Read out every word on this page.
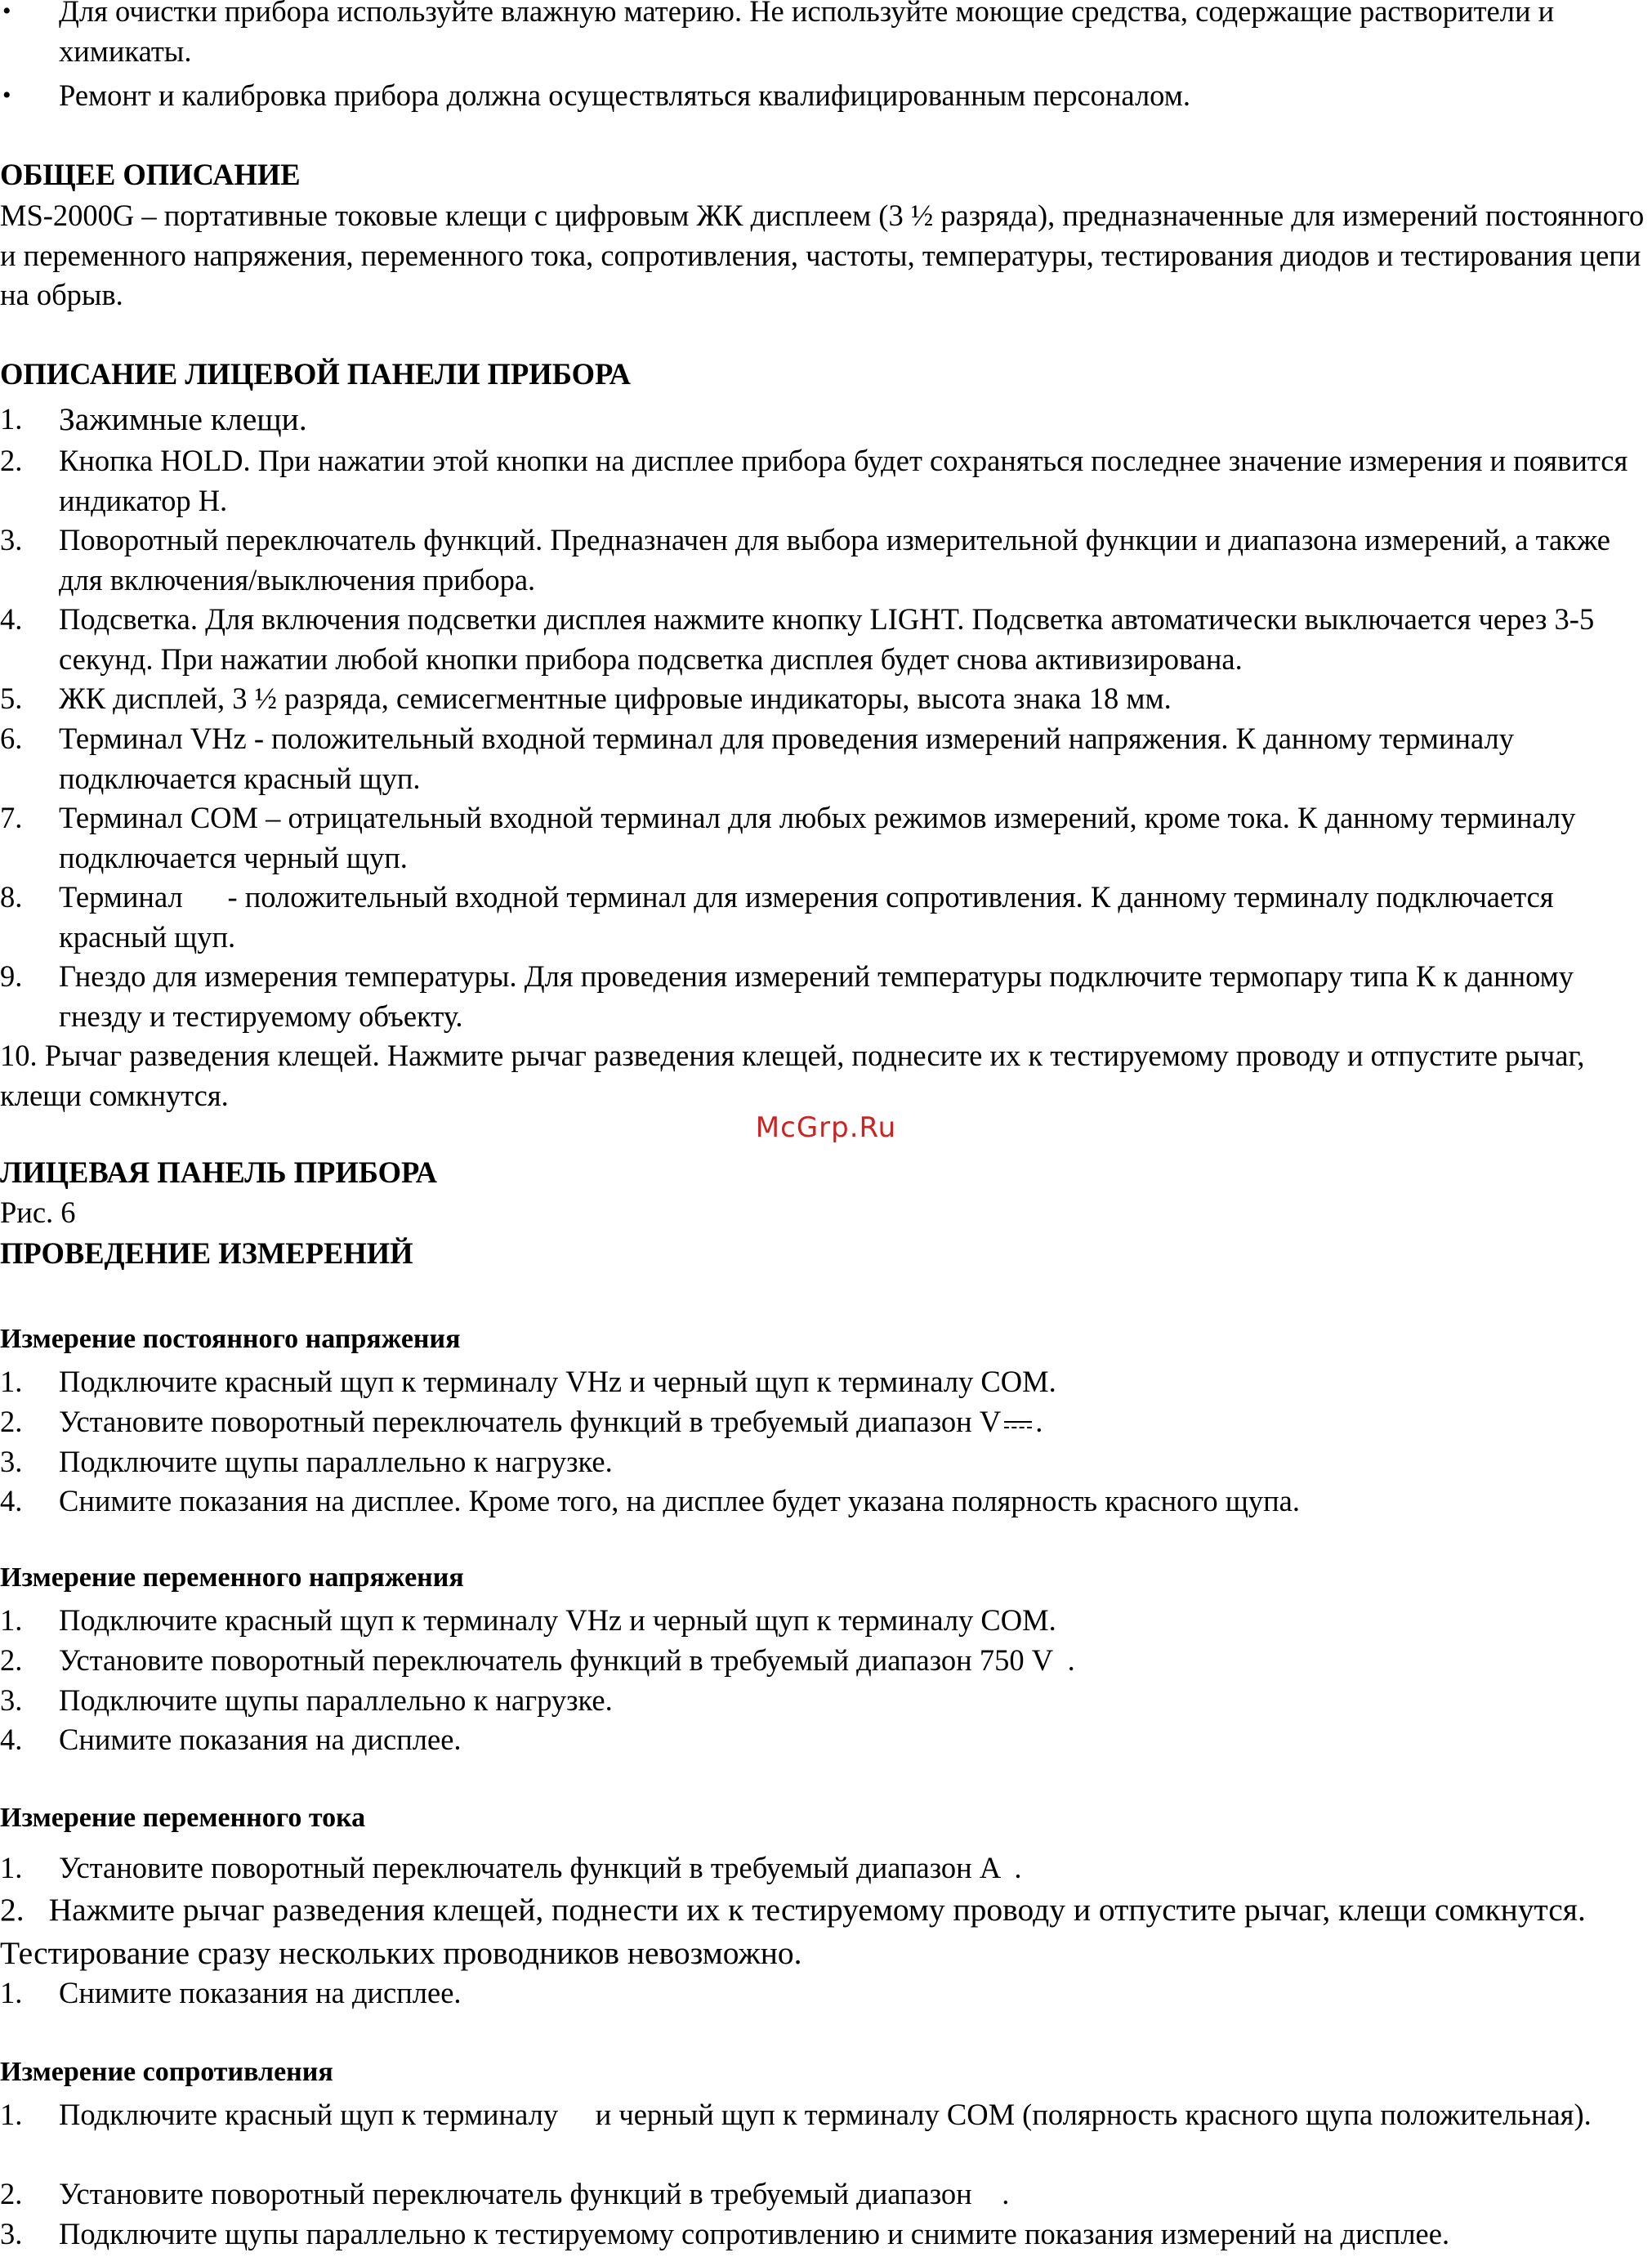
• Для очистки прибора используйте влажную материю. Не используйте моющие средства, содержащие растворители и химикаты.
• Ремонт и калибровка прибора должна осуществляться квалифицированным персоналом.
ОБЩЕЕ ОПИСАНИЕ
MS-2000G – портативные токовые клещи с цифровым ЖК дисплеем (3 ½ разряда), предназначенные для измерений постоянного и переменного напряжения, переменного тока, сопротивления, частоты, температуры, тестирования диодов и тестирования цепи на обрыв.
ОПИСАНИЕ ЛИЦЕВОЙ ПАНЕЛИ ПРИБОРА
1. Зажимные клещи.
2. Кнопка HOLD. При нажатии этой кнопки на дисплее прибора будет сохраняться последнее значение измерения и появится индикатор H.
3. Поворотный переключатель функций. Предназначен для выбора измерительной функции и диапазона измерений, а также для включения/выключения прибора.
4. Подсветка. Для включения подсветки дисплея нажмите кнопку LIGHT. Подсветка автоматически выключается через 3-5 секунд. При нажатии любой кнопки прибора подсветка дисплея будет снова активизирована.
5. ЖК дисплей, 3 ½ разряда, семисегментные цифровые индикаторы, высота знака 18 мм.
6. Терминал VHz - положительный входной терминал для проведения измерений напряжения. К данному терминалу подключается красный щуп.
7. Терминал COM – отрицательный входной терминал для любых режимов измерений, кроме тока. К данному терминалу подключается черный щуп.
8. Терминал      - положительный входной терминал для измерения сопротивления. К данному терминалу подключается красный щуп.
9. Гнездо для измерения температуры. Для проведения измерений температуры подключите термопару типа К к данному гнезду и тестируемому объекту.
10. Рычаг разведения клещей. Нажмите рычаг разведения клещей, поднесите их к тестируемому проводу и отпустите рычаг, клещи сомкнутся.
McGrp.Ru
ЛИЦЕВАЯ ПАНЕЛЬ ПРИБОРА
Рис. 6
ПРОВЕДЕНИЕ ИЗМЕРЕНИЙ
Измерение постоянного напряжения
1. Подключите красный щуп к терминалу VHz и черный щуп к терминалу COM.
2. Установите поворотный переключатель функций в требуемый диапазон V .
3. Подключите щупы параллельно к нагрузке.
4. Снимите показания на дисплее. Кроме того, на дисплее будет указана полярность красного щупа.
Измерение переменного напряжения
1. Подключите красный щуп к терминалу VHz и черный щуп к терминалу COM.
2. Установите поворотный переключатель функций в требуемый диапазон 750 V  .
3. Подключите щупы параллельно к нагрузке.
4. Снимите показания на дисплее.
Измерение переменного тока
1. Установите поворотный переключатель функций в требуемый диапазон A  .
2. Нажмите рычаг разведения клещей, поднести их к тестируемому проводу и отпустите рычаг, клещи сомкнутся. Тестирование сразу нескольких проводников невозможно.
1. Снимите показания на дисплее.
Измерение сопротивления
1. Подключите красный щуп к терминалу     и черный щуп к терминалу COM (полярность красного щупа положительная).
2. Установите поворотный переключатель функций в требуемый диапазон    .
3. Подключите щупы параллельно к тестируемому сопротивлению и снимите показания измерений на дисплее.
